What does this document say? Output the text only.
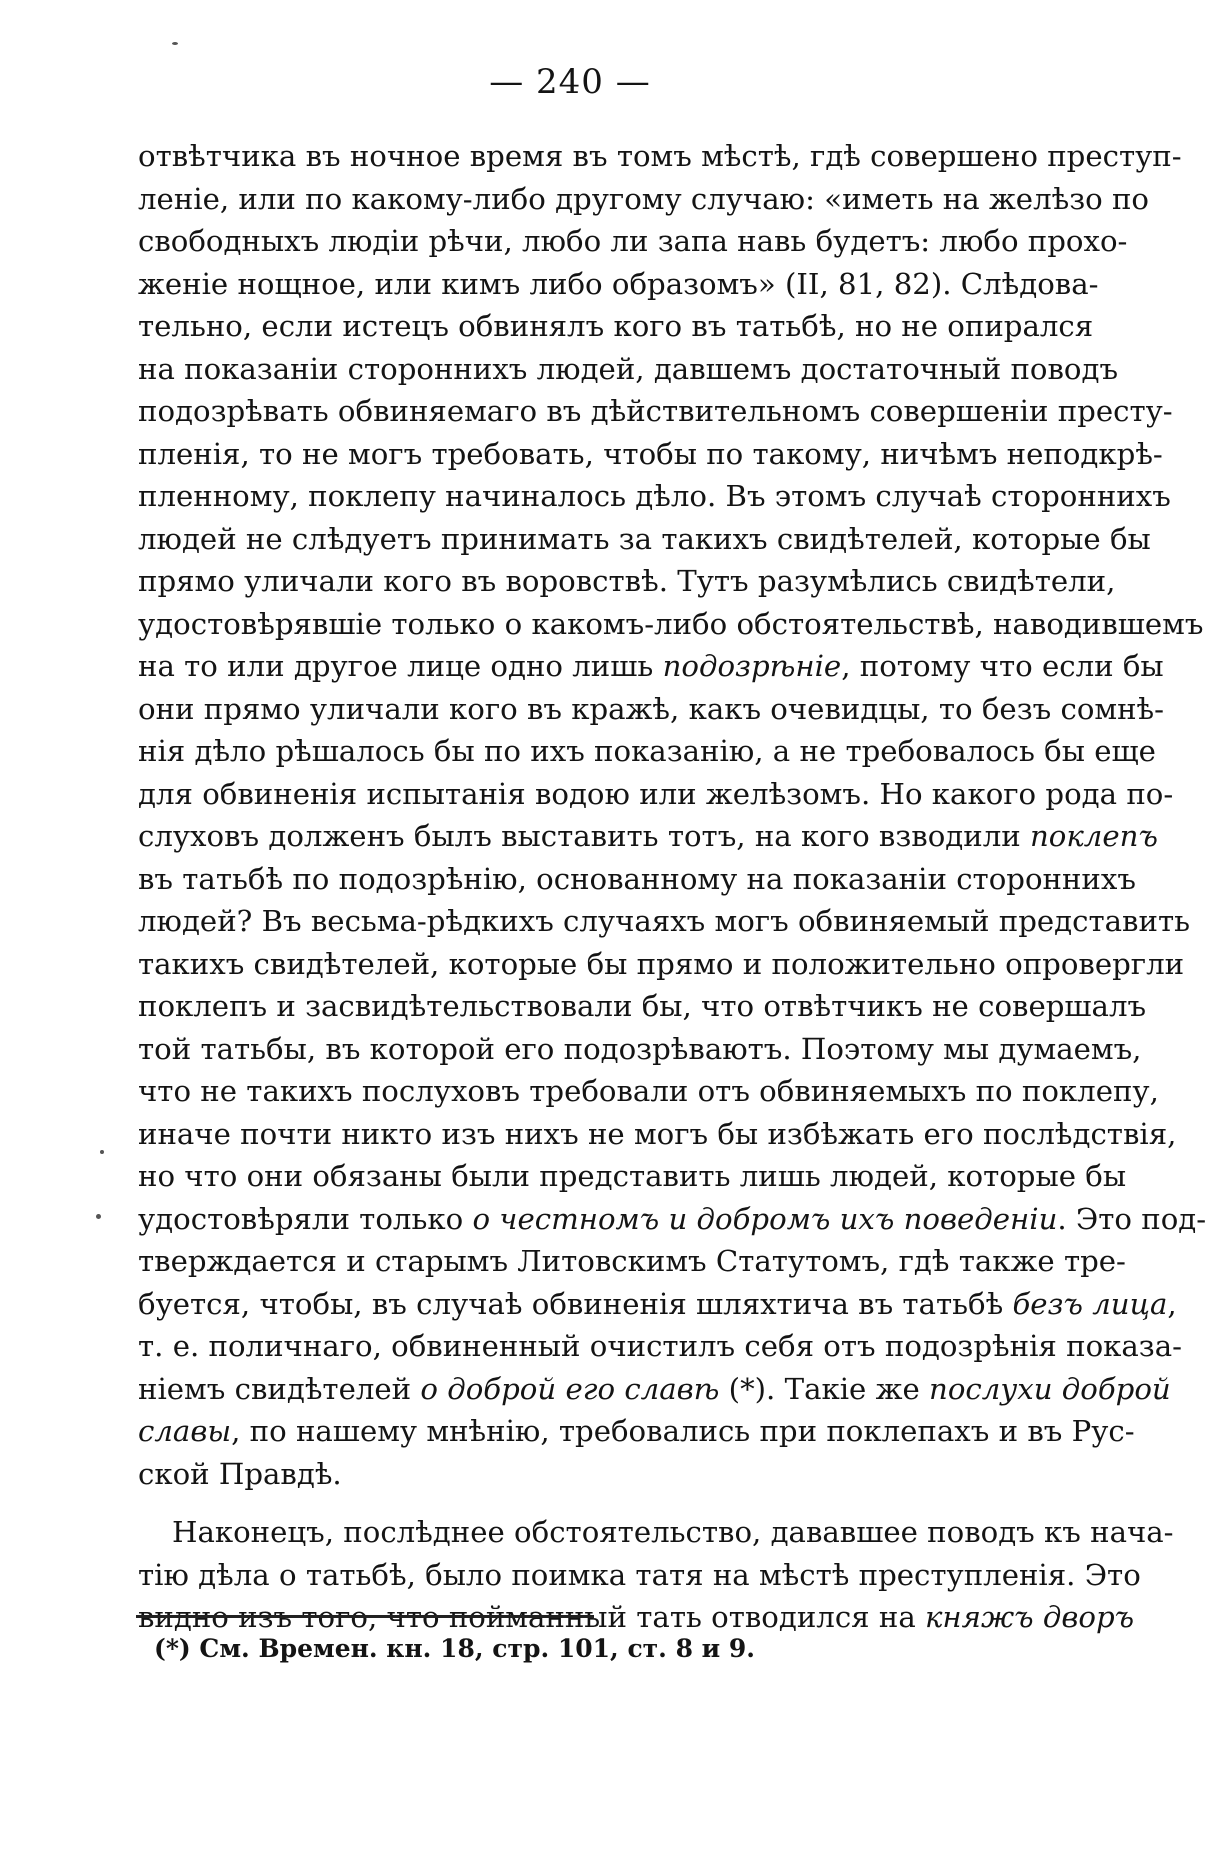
— 240 —
отвѣтчика въ ночное время въ томъ мѣстѣ, гдѣ совершено преступ-
леніе, или по какому-либо другому случаю: «иметь на желѣзо по
свободныхъ людіи рѣчи, любо ли запа навь будетъ: любо прохо-
женіе нощное, или кимъ либо образомъ» (II, 81, 82). Слѣдова-
тельно, если истецъ обвинялъ кого въ татьбѣ, но не опирался
на показаніи стороннихъ людей, давшемъ достаточный поводъ
подозрѣвать обвиняемаго въ дѣйствительномъ совершеніи престу-
пленія, то не могъ требовать, чтобы по такому, ничѣмъ неподкрѣ-
пленному, поклепу начиналось дѣло. Въ этомъ случаѣ стороннихъ
людей не слѣдуетъ принимать за такихъ свидѣтелей, которые бы
прямо уличали кого въ воровствѣ. Тутъ разумѣлись свидѣтели,
удостовѣрявшіе только о какомъ-либо обстоятельствѣ, наводившемъ
на то или другое лице одно лишь подозрѣніе, потому что если бы
они прямо уличали кого въ кражѣ, какъ очевидцы, то безъ сомнѣ-
нія дѣло рѣшалось бы по ихъ показанію, а не требовалось бы еще
для обвиненія испытанія водою или желѣзомъ. Но какого рода по-
слуховъ долженъ былъ выставить тотъ, на кого взводили поклепъ
въ татьбѣ по подозрѣнію, основанному на показаніи стороннихъ
людей? Въ весьма-рѣдкихъ случаяхъ могъ обвиняемый представить
такихъ свидѣтелей, которые бы прямо и положительно опровергли
поклепъ и засвидѣтельствовали бы, что отвѣтчикъ не совершалъ
той татьбы, въ которой его подозрѣваютъ. Поэтому мы думаемъ,
что не такихъ послуховъ требовали отъ обвиняемыхъ по поклепу,
иначе почти никто изъ нихъ не могъ бы избѣжать его послѣдствія,
но что они обязаны были представить лишь людей, которые бы
удостовѣряли только о честномъ и добромъ ихъ поведеніи. Это под-
тверждается и старымъ Литовскимъ Статутомъ, гдѣ также тре-
буется, чтобы, въ случаѣ обвиненія шляхтича въ татьбѣ безъ лица,
т. е. поличнаго, обвиненный очистилъ себя отъ подозрѣнія показа-
ніемъ свидѣтелей о доброй его славѣ (*). Такіе же послухи доброй
славы, по нашему мнѣнію, требовались при поклепахъ и въ Рус-
ской Правдѣ.
Наконецъ, послѣднее обстоятельство, дававшее поводъ къ нача-
тію дѣла о татьбѣ, было поимка татя на мѣстѣ преступленія. Это
видно изъ того, что пойманный тать отводился на княжъ дворъ
(*) См. Времен. кн. 18, стр. 101, ст. 8 и 9.
